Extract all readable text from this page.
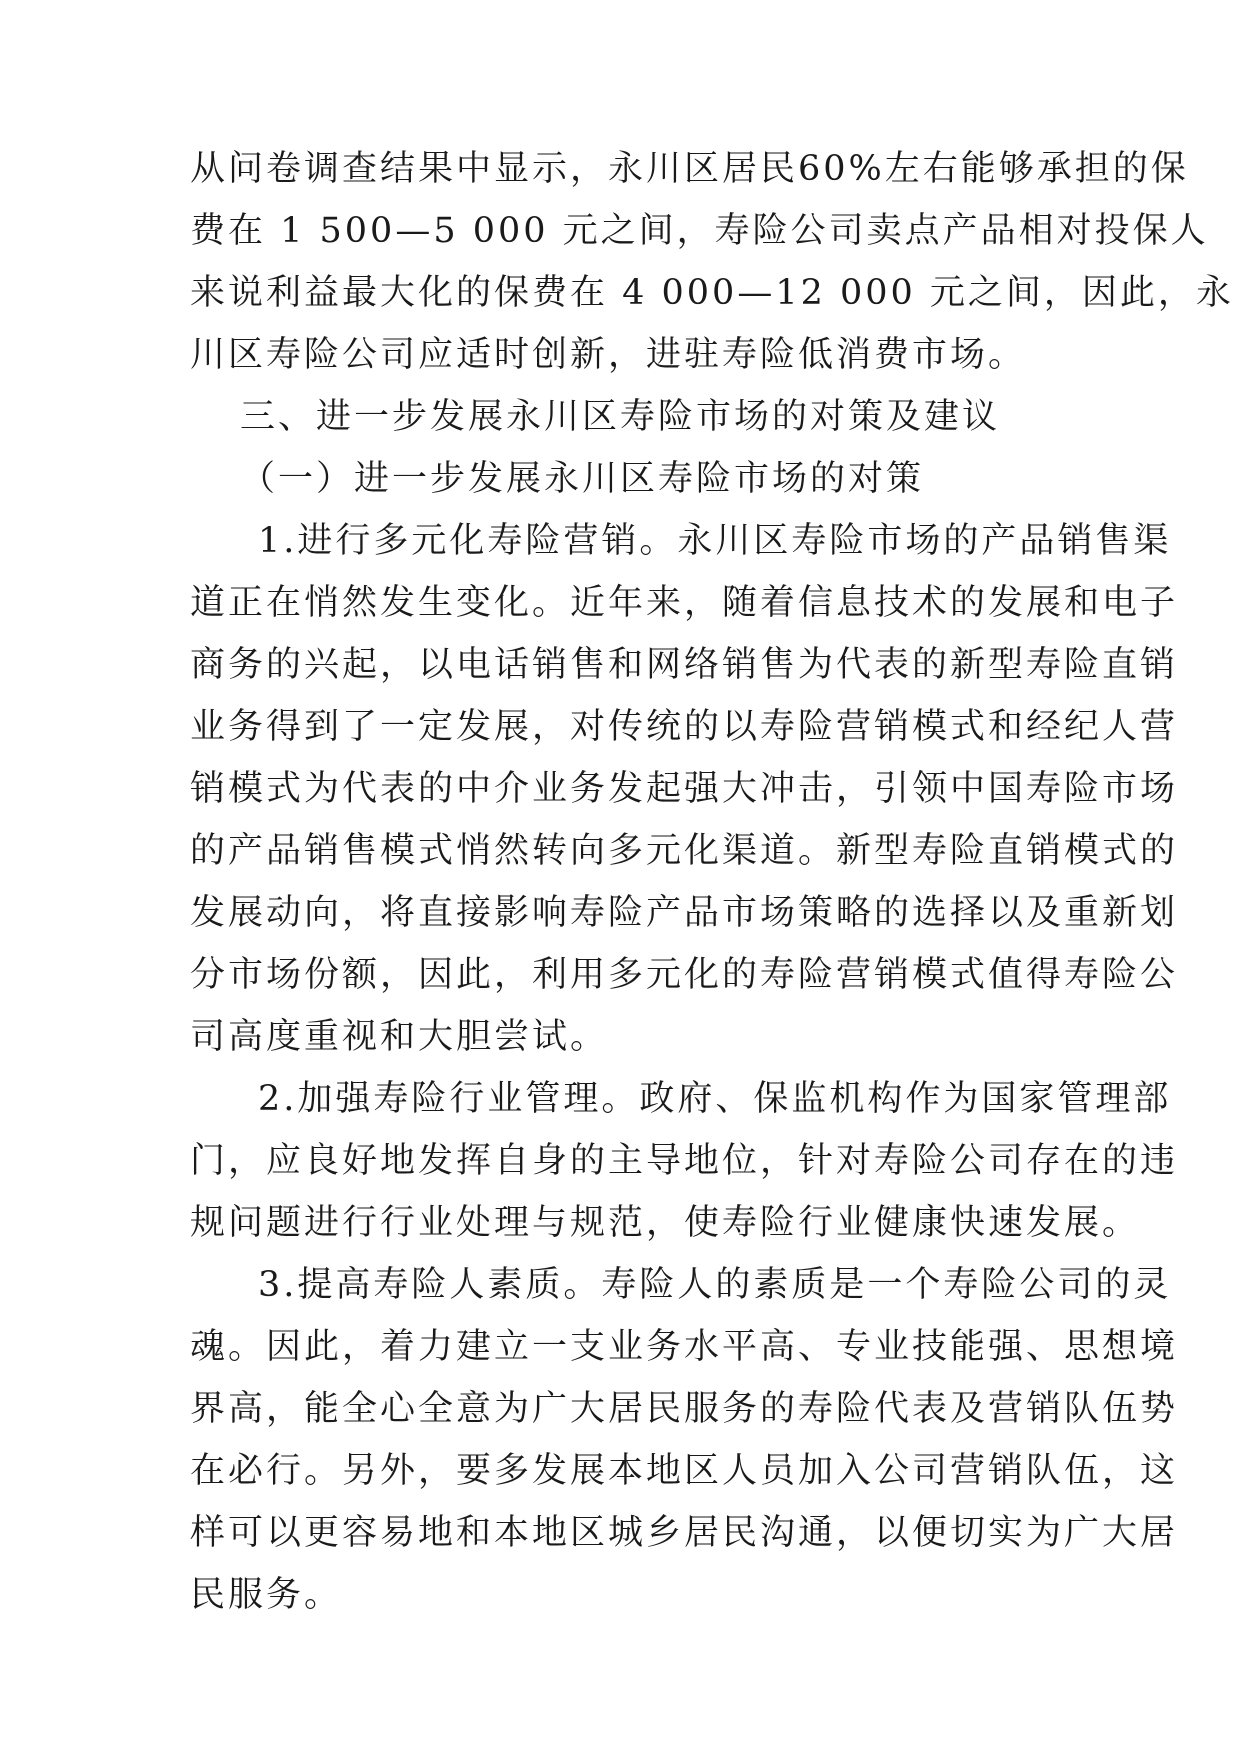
从问卷调查结果中显示，永川区居民60%左右能够承担的保
费在 1 500—5 000 元之间，寿险公司卖点产品相对投保人
来说利益最大化的保费在 4 000—12 000 元之间，因此，永
川区寿险公司应适时创新，进驻寿险低消费市场。
三、进一步发展永川区寿险市场的对策及建议
（一）进一步发展永川区寿险市场的对策
1.进行多元化寿险营销。永川区寿险市场的产品销售渠
道正在悄然发生变化。近年来，随着信息技术的发展和电子
商务的兴起，以电话销售和网络销售为代表的新型寿险直销
业务得到了一定发展，对传统的以寿险营销模式和经纪人营
销模式为代表的中介业务发起强大冲击，引领中国寿险市场
的产品销售模式悄然转向多元化渠道。新型寿险直销模式的
发展动向，将直接影响寿险产品市场策略的选择以及重新划
分市场份额，因此，利用多元化的寿险营销模式值得寿险公
司高度重视和大胆尝试。
2.加强寿险行业管理。政府、保监机构作为国家管理部
门，应良好地发挥自身的主导地位，针对寿险公司存在的违
规问题进行行业处理与规范，使寿险行业健康快速发展。
3.提高寿险人素质。寿险人的素质是一个寿险公司的灵
魂。因此，着力建立一支业务水平高、专业技能强、思想境
界高，能全心全意为广大居民服务的寿险代表及营销队伍势
在必行。另外，要多发展本地区人员加入公司营销队伍，这
样可以更容易地和本地区城乡居民沟通，以便切实为广大居
民服务。
